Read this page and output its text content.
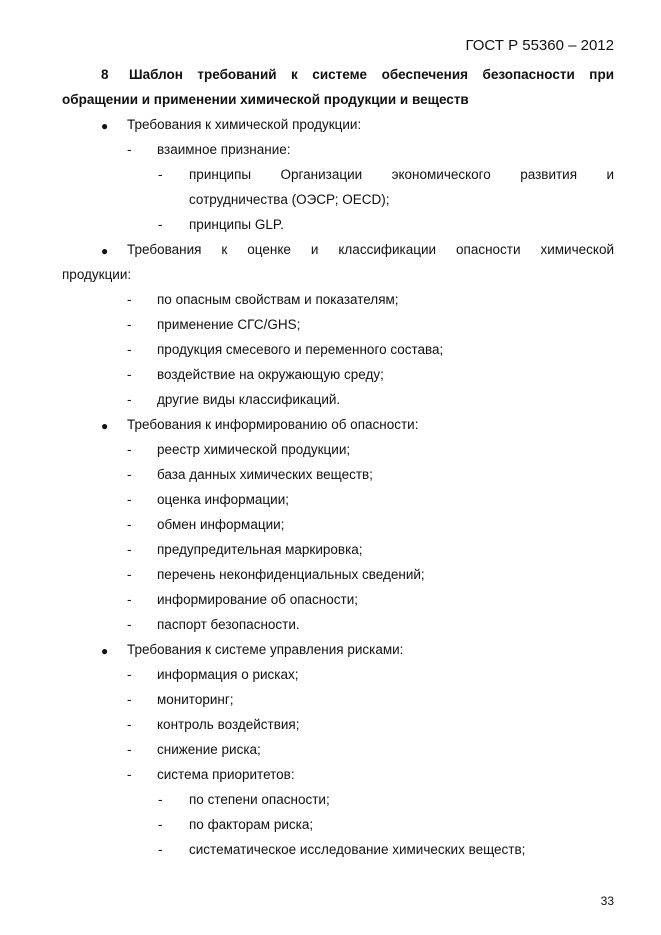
ГОСТ Р 55360 – 2012
33
8 Шаблон требований к системе обеспечения безопасности при
обращении и применении химической продукции и веществ
● Требования к химической продукции:
- взаимное признание:
- принципы Организации экономического развития и
сотрудничества (ОЭСР; OECD);
- принципы GLP.
● Требования к оценке и классификации опасности химической
продукции:
- по опасным свойствам и показателям;
- применение СГС/GHS;
- продукция смесевого и переменного состава;
- воздействие на окружающую среду;
- другие виды классификаций.
● Требования к информированию об опасности:
- реестр химической продукции;
- база данных химических веществ;
- оценка информации;
- обмен информации;
- предупредительная маркировка;
- перечень неконфиденциальных сведений;
- информирование об опасности;
- паспорт безопасности.
● Требования к системе управления рисками:
- информация о рисках;
- мониторинг;
- контроль воздействия;
- снижение риска;
- система приоритетов:
- по степени опасности;
- по факторам риска;
- систематическое исследование химических веществ;
